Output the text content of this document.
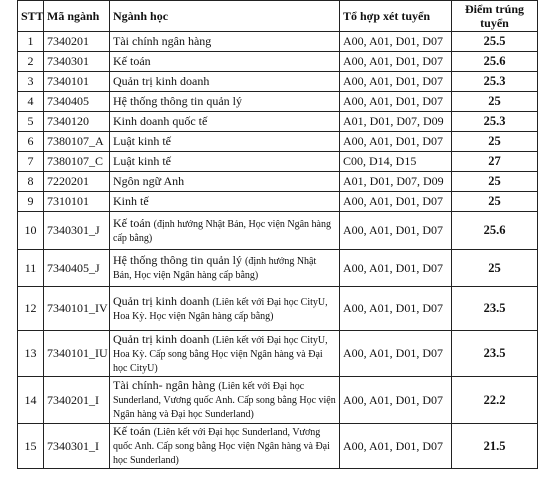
STT	Mã ngành	Ngành học	Tổ hợp xét tuyển	Điểm trúng tuyển
1	7340201	Tài chính ngân hàng	A00, A01, D01, D07	25.5
2	7340301	Kế toán	A00, A01, D01, D07	25.6
3	7340101	Quản trị kinh doanh	A00, A01, D01, D07	25.3
4	7340405	Hệ thống thông tin quản lý	A00, A01, D01, D07	25
5	7340120	Kinh doanh quốc tế	A01, D01, D07, D09	25.3
6	7380107_A	Luật kinh tế	A00, A01, D01, D07	25
7	7380107_C	Luật kinh tế	C00, D14, D15	27
8	7220201	Ngôn ngữ Anh	A01, D01, D07, D09	25
9	7310101	Kinh tế	A00, A01, D01, D07	25
10	7340301_J	Kế toán (định hướng Nhật Bản, Học viện Ngân hàng cấp bằng)	A00, A01, D01, D07	25.6
11	7340405_J	Hệ thống thông tin quản lý (định hướng Nhật Bản, Học viện Ngân hàng cấp bằng)	A00, A01, D01, D07	25
12	7340101_IV	Quản trị kinh doanh (Liên kết với Đại học CityU, Hoa Kỳ. Học viện Ngân hàng cấp bằng)	A00, A01, D01, D07	23.5
13	7340101_IU	Quản trị kinh doanh (Liên kết với Đại học CityU, Hoa Kỳ. Cấp song bằng Học viện Ngân hàng và Đại học CityU)	A00, A01, D01, D07	23.5
14	7340201_I	Tài chính- ngân hàng (Liên kết với Đại học Sunderland, Vương quốc Anh. Cấp song bằng Học viện Ngân hàng và Đại học Sunderland)	A00, A01, D01, D07	22.2
15	7340301_I	Kế toán (Liên kết với Đại học Sunderland, Vương quốc Anh. Cấp song bằng Học viện Ngân hàng và Đại học Sunderland)	A00, A01, D01, D07	21.5
